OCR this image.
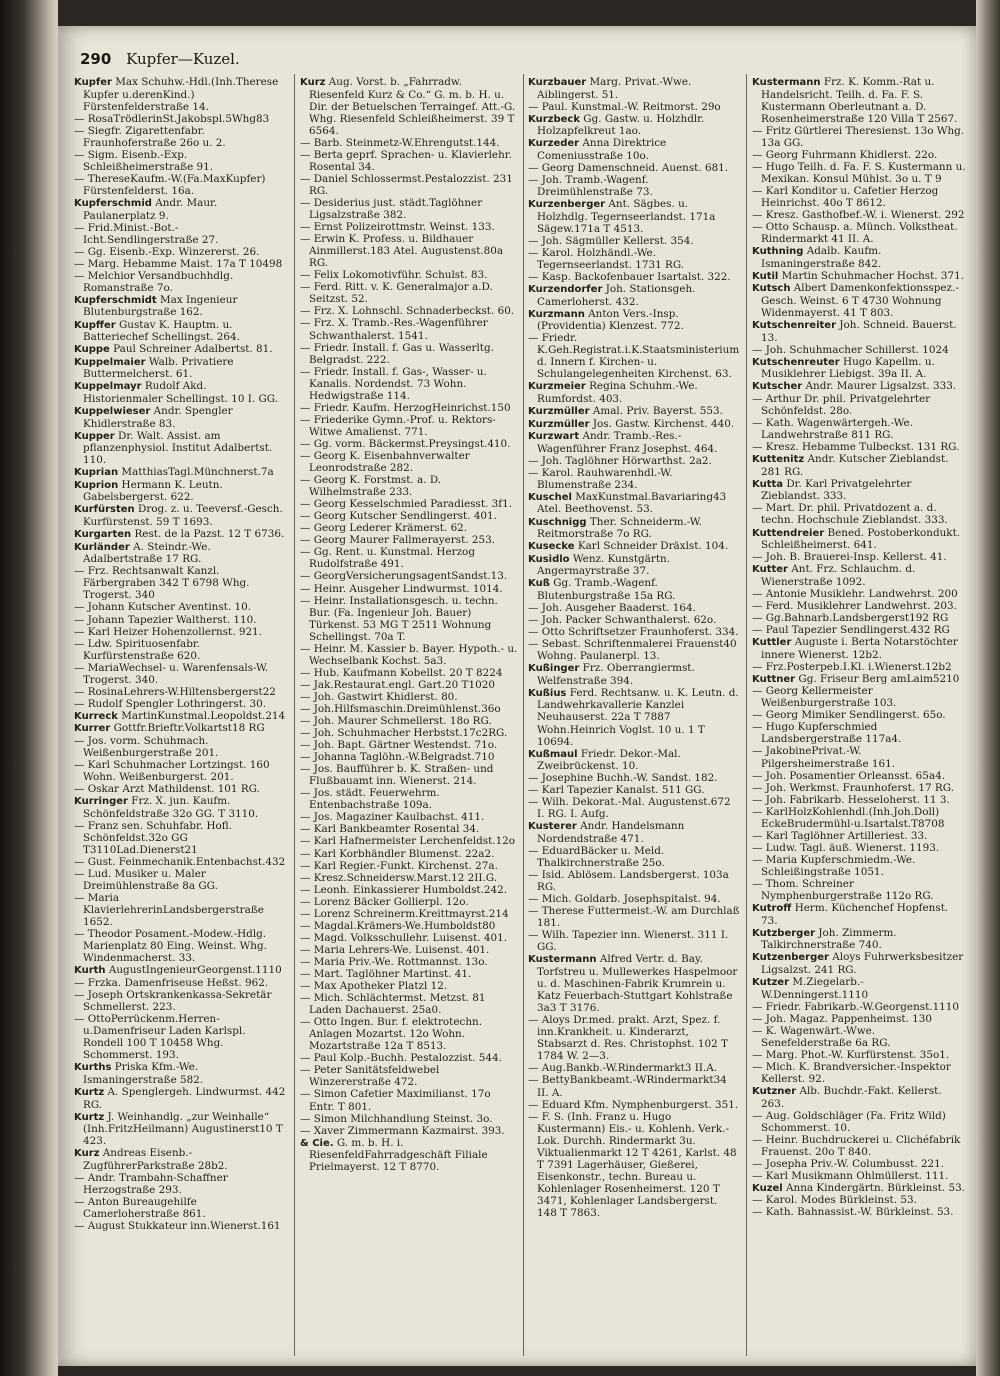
290 Kupfer—Kuzel.
Kupfer Max Schuhw.-Hdl.(Inh.Therese Kupfer u.derenKind.) Fürstenfelderstraße 14.
— RosaTrödlerinSt.Jakobspl.5Whg83
— Siegfr. Zigarettenfabr. Fraunhoferstraße 26o u. 2.
— Sigm. Eisenb.-Exp. Schleißheimerstraße 91.
— ThereseKaufm.-W.(Fa.MaxKupfer) Fürstenfelderst. 16a.
Kupferschmid Andr. Maur. Paulanerplatz 9.
— Frid.Minist.-Bot.-Icht.Sendlingerstraße 27.
— Gg. Eisenb.-Exp. Winzererst. 26.
— Marg. Hebamme Maist. 17a T 10498
— Melchior Versandbuchhdlg. Romanstraße 7o.
Kupferschmidt Max Ingenieur Blutenburgstraße 162.
Kupffer Gustav K. Hauptm. u. Batteriechef Schellingst. 264.
Kuppe Paul Schreiner Adalbertst. 81.
Kuppelmaier Walb. Privatiere Buttermelcherst. 61.
Kuppelmayr Rudolf Akd. Historienmaler Schellingst. 10 I. GG.
Kuppelwieser Andr. Spengler Khidlerstraße 83.
Kupper Dr. Walt. Assist. am pflanzenphysiol. Institut Adalbertst. 110.
Kuprian MatthiasTagl.Münchnerst.7a
Kuprion Hermann K. Leutn. Gabelsbergerst. 622.
Kurfürsten Drog. z. u. Teeversf.-Gesch. Kurfürstenst. 59 T 1693.
Kurgarten Rest. de la Pazst. 12 T 6736.
Kurländer A. Steindr.-We. Adalbertstraße 17 RG.
— Frz. Rechtsanwalt Kanzl. Färbergraben 342 T 6798 Whg. Trogerst. 340
— Johann Kutscher Aventinst. 10.
— Johann Tapezier Waltherst. 110.
— Karl Heizer Hohenzollernst. 921.
— Ldw. Spirituosenfabr. Kurfürstenstraße 620.
— MariaWechsel- u. Warenfensals-W. Trogerst. 340.
— RosinaLehrers-W.Hiltensbergerst22
— Rudolf Spengler Lothringerst. 30.
Kurreck MartinKunstmal.Leopoldst.214
Kurrer Gottfr.Brieftr.Volkartst18 RG
— Jos. vorm. Schuhmach. Weißenburgerstraße 201.
— Karl Schuhmacher Lortzingst. 160 Wohn. Weißenburgerst. 201.
— Oskar Arzt Mathildenst. 101 RG.
Kurringer Frz. X. jun. Kaufm. Schönfeldstraße 32o GG. T 3110.
— Franz sen. Schuhfabr. Hofl. Schönfeldst.32o GG T3110Lad.Dienerst21
— Gust. Feinmechanik.Entenbachst.432
— Lud. Musiker u. Maler Dreimühlenstraße 8a GG.
— Maria KlavierlehrerinLandsbergerstraße 1652.
— Theodor Posament.-Modew.-Hdlg. Marienplatz 80 Eing. Weinst. Whg. Windenmacherst. 33.
Kurth AugustIngenieurGeorgenst.1110
— Frzka. Damenfriseuse Heßst. 962.
— Joseph Ortskrankenkassa-Sekretär Schmellerst. 223.
— OttoPerrückenm.Herren- u.Damenfriseur Laden Karlspl. Rondell 100 T 10458 Whg. Schommerst. 193.
Kurths Priska Kfm.-We. Ismaningerstraße 582.
Kurtz A. Spenglergeh. Lindwurmst. 442 RG.
Kurtz J. Weinhandlg. „zur Weinhalle“ (Inh.FritzHeilmann) Augustinerst10 T 423.
Kurz Andreas Eisenb.-ZugführerParkstraße 28b2.
— Andr. Trambahn-Schaffner Herzogstraße 293.
— Anton Bureaugehilfe Camerloherstraße 861.
— August Stukkateur inn.Wienerst.161
Kurz Aug. Vorst. b. „Fahrradw. Riesenfeld Kurz & Co.“ G. m. b. H. u. Dir. der Betuelschen Terraingef. Att.-G. Whg. Riesenfeld Schleißheimerst. 39 T 6564.
— Barb. Steinmetz-W.Ehrengutst.144.
— Berta geprf. Sprachen- u. Klavierlehr. Rosental 34.
— Daniel Schlossermst.Pestalozzist. 231 RG.
— Desiderius just. städt.Taglöhner Ligsalzstraße 382.
— Ernst Polizeirottmstr. Weinst. 133.
— Erwin K. Profess. u. Bildhauer Ainmillerst.183 Atel. Augustenst.80a RG.
— Felix Lokomotivführ. Schulst. 83.
— Ferd. Ritt. v. K. Generalmajor a.D. Seitzst. 52.
— Frz. X. Lohnschl. Schnaderbeckst. 60.
— Frz. X. Tramb.-Res.-Wagenführer Schwanthalerst. 1541.
— Friedr. Install. f. Gas u. Wasserltg. Belgradst. 222.
— Friedr. Install. f. Gas-, Wasser- u. Kanalis. Nordendst. 73 Wohn. Hedwigstraße 114.
— Friedr. Kaufm. HerzogHeinrichst.150
— Friederike Gymn.-Prof. u. Rektors-Witwe Amalienst. 771.
— Gg. vorm. Bäckermst.Preysingst.410.
— Georg K. Eisenbahnverwalter Leonrodstraße 282.
— Georg K. Forstmst. a. D. Wilhelmstraße 233.
— Georg Kesselschmied Paradiesst. 3f1.
— Georg Kutscher Sendlingerst. 401.
— Georg Lederer Krämerst. 62.
— Georg Maurer Fallmerayerst. 253.
— Gg. Rent. u. Kunstmal. Herzog Rudolfstraße 491.
— GeorgVersicherungsagentSandst.13.
— Heinr. Ausgeher Lindwurmst. 1014.
— Heinr. Installationsgesch. u. techn. Bur. (Fa. Ingenieur Joh. Bauer) Türkenst. 53 MG T 2511 Wohnung Schellingst. 70a T.
— Heinr. M. Kassier b. Bayer. Hypoth.- u. Wechselbank Kochst. 5a3.
— Hub. Kaufmann Kobellst. 20 T 8224
— Jak.Restaurat.engl. Gart.20 T1020
— Joh. Gastwirt Khidlerst. 80.
— Joh.Hilfsmaschin.Dreimühlenst.36o
— Joh. Maurer Schmellerst. 18o RG.
— Joh. Schuhmacher Herbstst.17c2RG.
— Joh. Bapt. Gärtner Westendst. 71o.
— Johanna Taglöhn.-W.Belgradst.710
— Jos. Baufführer b. K. Straßen- und Flußbauamt inn. Wienerst. 214.
— Jos. städt. Feuerwehrm. Entenbachstraße 109a.
— Jos. Magaziner Kaulbachst. 411.
— Karl Bankbeamter Rosental 34.
— Karl Hafnermeister Lerchenfeldst.12o
— Karl Korbhändler Blumenst. 22a2.
— Karl Regier.-Funkt. Kirchenst. 27a.
— Kresz.Schneidersw.Marst.12 2II.G.
— Leonh. Einkassierer Humboldst.242.
— Lorenz Bäcker Gollierpl. 12o.
— Lorenz Schreinerm.Kreittmayrst.214
— Magdal.Krämers-We.Humboldst80
— Magd. Volksschullehr. Luisenst. 401.
— Maria Lehrers-We. Luisenst. 401.
— Maria Priv.-We. Rottmannst. 13o.
— Mart. Taglöhner Martinst. 41.
— Max Apotheker Platzl 12.
— Mich. Schlächtermst. Metzst. 81 Laden Dachauerst. 25a0.
— Otto Ingen. Bur. f. elektrotechn. Anlagen Mozartst. 12o Wohn. Mozartstraße 12a T 8513.
— Paul Kolp.-Buchh. Pestalozzist. 544.
— Peter Sanitätsfeldwebel Winzererstraße 472.
— Simon Cafetier Maximilianst. 17o Entr. T 801.
— Simon Milchhandlung Steinst. 3o.
— Xaver Zimmermann Kazmairst. 393.
& Cie. G. m. b. H. i. RiesenfeldFahrradgeschäft Filiale Prielmayerst. 12 T 8770.
Kurzbauer Marg. Privat.-Wwe. Aiblingerst. 51.
— Paul. Kunstmal.-W. Reitmorst. 29o
Kurzbeck Gg. Gastw. u. Holzhdlr. Holzapfelkreut 1ao.
Kurzeder Anna Direktrice Comeniusstraße 10o.
— Georg Damenschneid. Auenst. 681.
— Joh. Tramb.-Wagenf. Dreimühlenstraße 73.
Kurzenberger Ant. Sägbes. u. Holzhdlg. Tegernseerlandst. 171a Sägew.171a T 4513.
— Joh. Sägmüller Kellerst. 354.
— Karol. Holzhändl.-We. Tegernseerlandst. 1731 RG.
— Kasp. Backofenbauer Isartalst. 322.
Kurzendorfer Joh. Stationsgeh. Camerloherst. 432.
Kurzmann Anton Vers.-Insp. (Providentia) Klenzest. 772.
— Friedr. K.Geh.Registrat.i.K.Staatsministerium d. Innern f. Kirchen- u. Schulangelegenheiten Kirchenst. 63.
Kurzmeier Regina Schuhm.-We. Rumfordst. 403.
Kurzmüller Amal. Priv. Bayerst. 553.
Kurzmüller Jos. Gastw. Kirchenst. 440.
Kurzwart Andr. Tramb.-Res.-Wagenführer Franz Josephst. 464.
— Joh. Taglöhner Hörwarthst. 2a2.
— Karol. Rauhwarenhdl.-W. Blumenstraße 234.
Kuschel MaxKunstmal.Bavariaring43 Atel. Beethovenst. 53.
Kuschnigg Ther. Schneiderm.-W. Reitmorstraße 7o RG.
Kusecke Karl Schneider Dräxlst. 104.
Kusidlo Wenz. Kunstgärtn. Angermayrstraße 37.
Kuß Gg. Tramb.-Wagenf. Blutenburgstraße 15a RG.
— Joh. Ausgeher Baaderst. 164.
— Joh. Packer Schwanthalerst. 62o.
— Otto Schriftsetzer Fraunhoferst. 334.
— Sebast. Schriftenmalerei Frauenst40 Wohng. Paulanerpl. 13.
Kußinger Frz. Oberrangiermst. Welfenstraße 394.
Kußius Ferd. Rechtsanw. u. K. Leutn. d. Landwehrkavallerie Kanzlei Neuhauserst. 22a T 7887 Wohn.Heinrich Voglst. 10 u. 1 T 10694.
Kußmaul Friedr. Dekor.-Mal. Zweibrückenst. 10.
— Josephine Buchh.-W. Sandst. 182.
— Karl Tapezier Kanalst. 511 GG.
— Wilh. Dekorat.-Mal. Augustenst.672 I. RG. I. Aufg.
Kusterer Andr. Handelsmann Nordendstraße 471.
— EduardBäcker u. Meld. Thalkirchnerstraße 25o.
— Isid. Ablösem. Landsbergerst. 103a RG.
— Mich. Goldarb. Josephspitalst. 94.
— Therese Futtermeist.-W. am Durchlaß 181.
— Wilh. Tapezier inn. Wienerst. 311 I. GG.
Kustermann Alfred Vertr. d. Bay. Torfstreu u. Mullewerkes Haspelmoor u. d. Maschinen-Fabrik Krumrein u. Katz Feuerbach-Stuttgart Kohlstraße 3a3 T 3176.
— Aloys Dr.med. prakt. Arzt, Spez. f. inn.Krankheit. u. Kinderarzt, Stabsarzt d. Res. Christophst. 102 T 1784 W. 2—3.
— Aug.Bankb.-W.Rindermarkt3 II.A.
— BettyBankbeamt.-WRindermarkt34 II. A.
— Eduard Kfm. Nymphenburgerst. 351.
— F. S. (Inh. Franz u. Hugo Kustermann) Eis.- u. Kohlenh. Verk.-Lok. Durchh. Rindermarkt 3u. Viktualienmarkt 12 T 4261, Karlst. 48 T 7391 Lagerhäuser, Gießerei, Eisenkonstr., techn. Bureau u. Kohlenlager Rosenheimerst. 120 T 3471, Kohlenlager Landsbergerst. 148 T 7863.
Kustermann Frz. K. Komm.-Rat u. Handelsricht. Teilh. d. Fa. F. S. Kustermann Oberleutnant a. D. Rosenheimerstraße 120 Villa T 2567.
— Fritz Gürtlerei Theresienst. 13o Whg. 13a GG.
— Georg Fuhrmann Khidlerst. 22o.
— Hugo Teilh. d. Fa. F. S. Kustermann u. Mexikan. Konsul Mühlst. 3o u. T 9
— Karl Konditor u. Cafetier Herzog Heinrichst. 40o T 8612.
— Kresz. Gasthofbef.-W. i. Wienerst. 292
— Otto Schausp. a. Münch. Volkstheat. Rindermarkt 41 II. A.
Kuthning Adalb. Kaufm. Ismaningerstraße 842.
Kutil Martin Schuhmacher Hochst. 371.
Kutsch Albert Damenkonfektionsspez.-Gesch. Weinst. 6 T 4730 Wohnung Widenmayerst. 41 T 803.
Kutschenreiter Joh. Schneid. Bauerst. 13.
— Joh. Schuhmacher Schillerst. 1024
Kutschenreuter Hugo Kapellm. u. Musiklehrer Liebigst. 39a II. A.
Kutscher Andr. Maurer Ligsalzst. 333.
— Arthur Dr. phil. Privatgelehrter Schönfeldst. 28o.
— Kath. Wagenwärtergeh.-We. Landwehrstraße 811 RG.
— Kresz. Hebamme Tulbeckst. 131 RG.
Kuttenitz Andr. Kutscher Zieblandst. 281 RG.
Kutta Dr. Karl Privatgelehrter Zieblandst. 333.
— Mart. Dr. phil. Privatdozent a. d. techn. Hochschule Zieblandst. 333.
Kuttendreier Bened. Postoberkondukt. Schleißheimerst. 641.
— Joh. B. Brauerei-Insp. Kellerst. 41.
Kutter Ant. Frz. Schlauchm. d. Wienerstraße 1092.
— Antonie Musiklehr. Landwehrst. 200
— Ferd. Musiklehrer Landwehrst. 203.
— Gg.Bahnarb.Landsbergerst192 RG
— Paul Tapezier Sendlingerst.432 RG
Kuttler Auguste i. Berta Notarstöchter innere Wienerst. 12b2.
— Frz.Posterpeb.I.Kl. i.Wienerst.12b2
Kuttner Gg. Friseur Berg amLaim5210
— Georg Kellermeister Weißenburgerstraße 103.
— Georg Mimiker Sendlingerst. 65o.
— Hugo Kupferschmied Landsbergerstraße 117a4.
— JakobinePrivat.-W. Pilgersheimerstraße 161.
— Joh. Posamentier Orleansst. 65a4.
— Joh. Werkmst. Fraunhoferst. 17 RG.
— Joh. Fabrikarb. Hesseloherst. 11 3.
— KarlHolzKohlenhdl.(Inh.Joh.Doll) EckeBrudermühl-u.Isartalst.T8708
— Karl Taglöhner Artilleriest. 33.
— Ludw. Tagl. äuß. Wienerst. 1193.
— Maria Kupferschmiedm.-We. Schleißingstraße 1051.
— Thom. Schreiner Nymphenburgerstraße 112o RG.
Kutroff Herm. Küchenchef Hopfenst. 73.
Kutzberger Joh. Zimmerm. Talkirchnerstraße 740.
Kutzenberger Aloys Fuhrwerksbesitzer Ligsalzst. 241 RG.
Kutzer M.Ziegelarb.-W.Denningerst.1110
— Friedr. Fabrikarb.-W.Georgenst.1110
— Joh. Magaz. Pappenheimst. 130
— K. Wagenwärt.-Wwe. Senefelderstraße 6a RG.
— Marg. Phot.-W. Kurfürstenst. 35o1.
— Mich. K. Brandversicher.-Inspektor Kellerst. 92.
Kutzner Alb. Buchdr.-Fakt. Kellerst. 263.
— Aug. Goldschläger (Fa. Fritz Wild) Schommerst. 10.
— Heinr. Buchdruckerei u. Clichéfabrik Frauenst. 20o T 840.
— Josepha Priv.-W. Columbusst. 221.
— Karl Musikmann Ohlmüllerst. 111.
Kuzel Anna Kindergärtn. Bürkleinst. 53.
— Karol. Modes Bürkleinst. 53.
— Kath. Bahnassist.-W. Bürkleinst. 53.
